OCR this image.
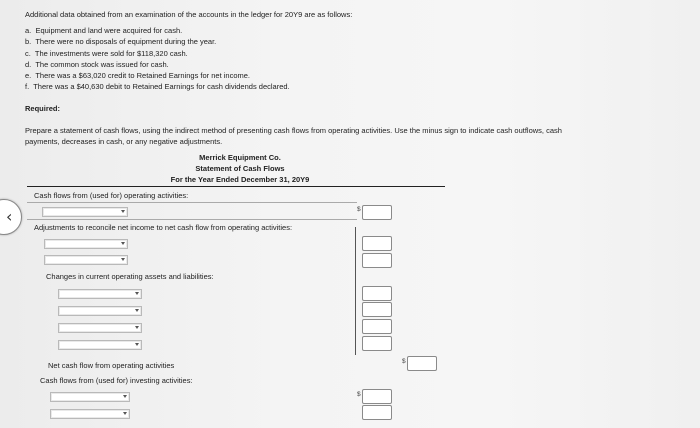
‹
Additional data obtained from an examination of the accounts in the ledger for 20Y9 are as follows:
a. Equipment and land were acquired for cash.
b. There were no disposals of equipment during the year.
c. The investments were sold for $118,320 cash.
d. The common stock was issued for cash.
e. There was a $63,020 credit to Retained Earnings for net income.
f. There was a $40,630 debit to Retained Earnings for cash dividends declared.
Required:
Prepare a statement of cash flows, using the indirect method of presenting cash flows from operating activities. Use the minus sign to indicate cash outflows, cash
payments, decreases in cash, or any negative adjustments.
Merrick Equipment Co.
Statement of Cash Flows
For the Year Ended December 31, 20Y9
Cash flows from (used for) operating activities:
$
Adjustments to reconcile net income to net cash flow from operating activities:
Changes in current operating assets and liabilities:
Net cash flow from operating activities	$
Cash flows from (used for) investing activities:
$
